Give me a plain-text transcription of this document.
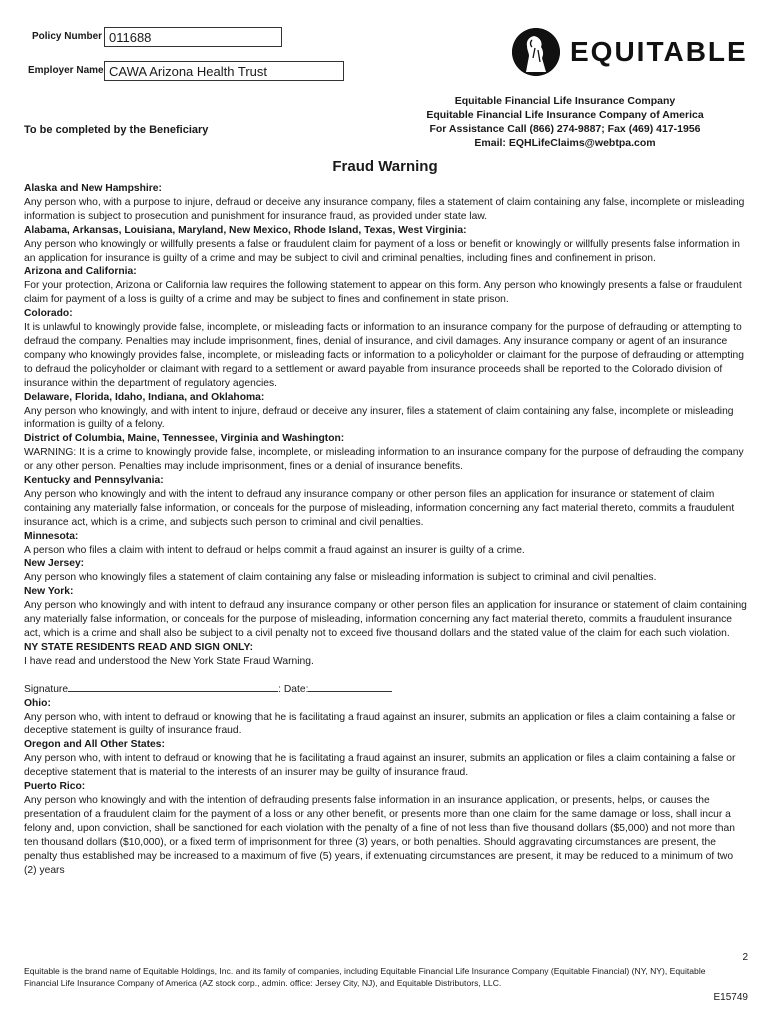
Policy Number 011688
Employer Name CAWA Arizona Health Trust
EQUITABLE
Equitable Financial Life Insurance Company
Equitable Financial Life Insurance Company of America
For Assistance Call (866) 274-9887; Fax (469) 417-1956
Email: EQHLifeClaims@webtpa.com
To be completed by the Beneficiary
Fraud Warning
Alaska and New Hampshire:
Any person who, with a purpose to injure, defraud or deceive any insurance company, files a statement of claim containing any false, incomplete or misleading information is subject to prosecution and punishment for insurance fraud, as provided under state law.
Alabama, Arkansas, Louisiana, Maryland, New Mexico, Rhode Island, Texas, West Virginia:
Any person who knowingly or willfully presents a false or fraudulent claim for payment of a loss or benefit or knowingly or willfully presents false information in an application for insurance is guilty of a crime and may be subject to civil and criminal penalties, including fines and confinement in prison.
Arizona and California:
For your protection, Arizona or California law requires the following statement to appear on this form. Any person who knowingly presents a false or fraudulent claim for payment of a loss is guilty of a crime and may be subject to fines and confinement in state prison.
Colorado:
It is unlawful to knowingly provide false, incomplete, or misleading facts or information to an insurance company for the purpose of defrauding or attempting to defraud the company. Penalties may include imprisonment, fines, denial of insurance, and civil damages. Any insurance company or agent of an insurance company who knowingly provides false, incomplete, or misleading facts or information to a policyholder or claimant for the purpose of defrauding or attempting to defraud the policyholder or claimant with regard to a settlement or award payable from insurance proceeds shall be reported to the Colorado division of insurance within the department of regulatory agencies.
Delaware, Florida, Idaho, Indiana, and Oklahoma:
Any person who knowingly, and with intent to injure, defraud or deceive any insurer, files a statement of claim containing any false, incomplete or misleading information is guilty of a felony.
District of Columbia, Maine, Tennessee, Virginia and Washington:
WARNING: It is a crime to knowingly provide false, incomplete, or misleading information to an insurance company for the purpose of defrauding the company or any other person. Penalties may include imprisonment, fines or a denial of insurance benefits.
Kentucky and Pennsylvania:
Any person who knowingly and with the intent to defraud any insurance company or other person files an application for insurance or statement of claim containing any materially false information, or conceals for the purpose of misleading, information concerning any fact material thereto, commits a fraudulent insurance act, which is a crime, and subjects such person to criminal and civil penalties.
Minnesota:
A person who files a claim with intent to defraud or helps commit a fraud against an insurer is guilty of a crime.
New Jersey:
Any person who knowingly files a statement of claim containing any false or misleading information is subject to criminal and civil penalties.
New York:
Any person who knowingly and with intent to defraud any insurance company or other person files an application for insurance or statement of claim containing any materially false information, or conceals for the purpose of misleading, information concerning any fact material thereto, commits a fraudulent insurance act, which is a crime and shall also be subject to a civil penalty not to exceed five thousand dollars and the stated value of the claim for each such violation.
NY STATE RESIDENTS READ AND SIGN ONLY:
I have read and understood the New York State Fraud Warning.
Signature	: Date:
Ohio:
Any person who, with intent to defraud or knowing that he is facilitating a fraud against an insurer, submits an application or files a claim containing a false or deceptive statement is guilty of insurance fraud.
Oregon and All Other States:
Any person who, with intent to defraud or knowing that he is facilitating a fraud against an insurer, submits an application or files a claim containing a false or deceptive statement that is material to the interests of an insurer may be guilty of insurance fraud.
Puerto Rico:
Any person who knowingly and with the intention of defrauding presents false information in an insurance application, or presents, helps, or causes the presentation of a fraudulent claim for the payment of a loss or any other benefit, or presents more than one claim for the same damage or loss, shall incur a felony and, upon conviction, shall be sanctioned for each violation with the penalty of a fine of not less than five thousand dollars ($5,000) and not more than ten thousand dollars ($10,000), or a fixed term of imprisonment for three (3) years, or both penalties. Should aggravating circumstances are present, the penalty thus established may be increased to a maximum of five (5) years, if extenuating circumstances are present, it may be reduced to a minimum of two (2) years
2
Equitable is the brand name of Equitable Holdings, Inc. and its family of companies, including Equitable Financial Life Insurance Company (Equitable Financial) (NY, NY), Equitable Financial Life Insurance Company of America (AZ stock corp., admin. office: Jersey City, NJ), and Equitable Distributors, LLC.
E15749
